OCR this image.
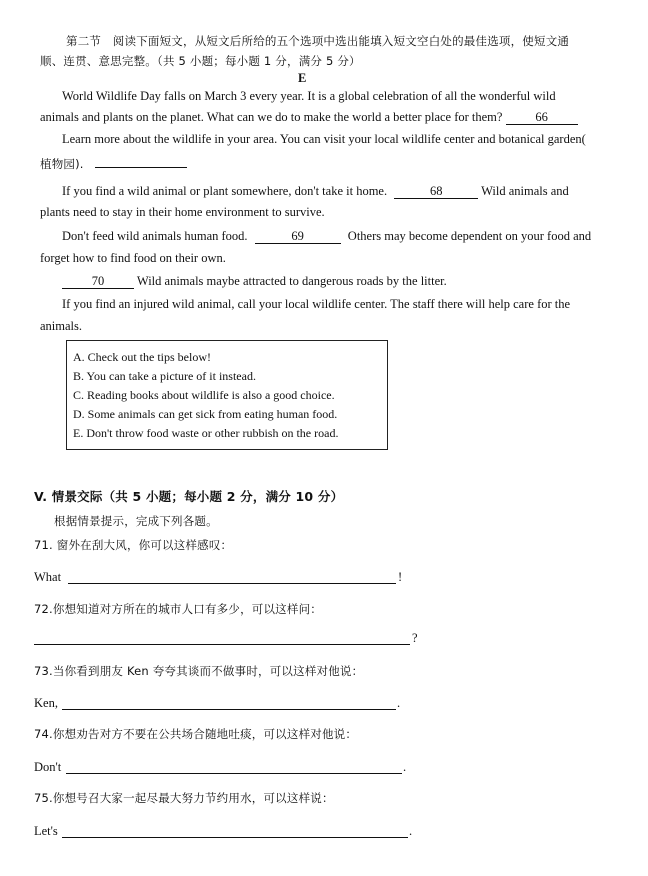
第二节　阅读下面短文，从短文后所给的五个选项中选出能填入短文空白处的最佳选项，使短文通
顺、连贯、意思完整。（共 5 小题；每小题 1 分，满分 5 分）
E
World Wildlife Day falls on March 3 every year. It is a global celebration of all the wonderful wild
animals and plants on the planet. What can we do to make the world a better place for them?	66
Learn more about the wildlife in your area. You can visit your local wildlife center and botanical garden(
植物园).
If you find a wild animal or plant somewhere, don't take it home.	68	Wild animals and
plants need to stay in their home environment to survive.
Don't feed wild animals human food.	69	Others may become dependent on your food and
forget how to find food on their own.
70	Wild animals maybe attracted to dangerous roads by the litter.
If you find an injured wild animal, call your local wildlife center. The staff there will help care for the
animals.
A. Check out the tips below!
B. You can take a picture of it instead.
C. Reading books about wildlife is also a good choice.
D. Some animals can get sick from eating human food.
E. Don't throw food waste or other rubbish on the road.
V. 情景交际（共 5 小题；每小题 2 分，满分 10 分）
根据情景提示，完成下列各题。
71. 窗外在刮大风，你可以这样感叹：
What	!
72.你想知道对方所在的城市人口有多少，可以这样问：
?
73.当你看到朋友 Ken 夸夸其谈而不做事时，可以这样对他说：
Ken,	.
74.你想劝告对方不要在公共场合随地吐痰，可以这样对他说：
Don't	.
75.你想号召大家一起尽最大努力节约用水，可以这样说：
Let's	.
